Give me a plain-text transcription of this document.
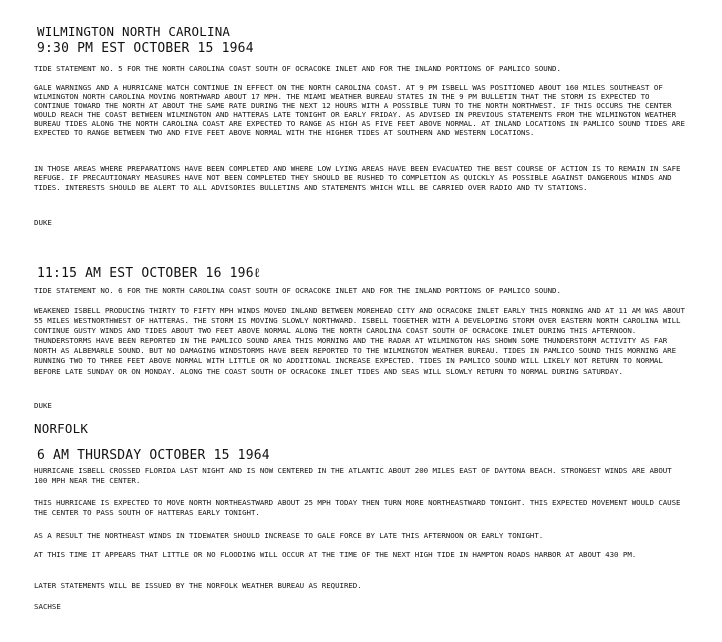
WILMINGTON NORTH CAROLINA
9:30 PM EST OCTOBER 15 1964
TIDE STATEMENT NO. 5 FOR THE NORTH CAROLINA COAST SOUTH OF OCRACOKE INLET AND FOR THE INLAND PORTIONS OF PAMLICO SOUND.
GALE WARNINGS AND A HURRICANE WATCH CONTINUE IN EFFECT ON THE NORTH CAROLINA COAST. AT 9 PM ISBELL WAS POSITIONED ABOUT 160 MILES SOUTHEAST OF WILMINGTON NORTH CAROLINA MOVING NORTHWARD ABOUT 17 MPH. THE MIAMI WEATHER BUREAU STATES IN THE 9 PM BULLETIN THAT THE STORM IS EXPECTED TO CONTINUE TOWARD THE NORTH AT ABOUT THE SAME RATE DURING THE NEXT 12 HOURS WITH A POSSIBLE TURN TO THE NORTH NORTHWEST. IF THIS OCCURS THE CENTER WOULD REACH THE COAST BETWEEN WILMINGTON AND HATTERAS LATE TONIGHT OR EARLY FRIDAY. AS ADVISED IN PREVIOUS STATEMENTS FROM THE WILMINGTON WEATHER BUREAU TIDES ALONG THE NORTH CAROLINA COAST ARE EXPECTED TO RANGE AS HIGH AS FIVE FEET ABOVE NORMAL. AT INLAND LOCATIONS IN PAMLICO SOUND TIDES ARE EXPECTED TO RANGE BETWEEN TWO AND FIVE FEET ABOVE NORMAL WITH THE HIGHER TIDES AT SOUTHERN AND WESTERN LOCATIONS.
IN THOSE AREAS WHERE PREPARATIONS HAVE BEEN COMPLETED AND WHERE LOW LYING AREAS HAVE BEEN EVACUATED THE BEST COURSE OF ACTION IS TO REMAIN IN SAFE REFUGE. IF PRECAUTIONARY MEASURES HAVE NOT BEEN COMPLETED THEY SHOULD BE RUSHED TO COMPLETION AS QUICKLY AS POSSIBLE AGAINST DANGEROUS WINDS AND TIDES. INTERESTS SHOULD BE ALERT TO ALL ADVISORIES BULLETINS AND STATEMENTS WHICH WILL BE CARRIED OVER RADIO AND TV STATIONS.
DUKE
11:15 AM EST OCTOBER 16 196ℓ
TIDE STATEMENT NO. 6 FOR THE NORTH CAROLINA COAST SOUTH OF OCRACOKE INLET AND FOR THE INLAND PORTIONS OF PAMLICO SOUND.
WEAKENED ISBELL PRODUCING THIRTY TO FIFTY MPH WINDS MOVED INLAND BETWEEN MOREHEAD CITY AND OCRACOKE INLET EARLY THIS MORNING AND AT 11 AM WAS ABOUT 55 MILES WESTNORTHWEST OF HATTERAS. THE STORM IS MOVING SLOWLY NORTHWARD. ISBELL TOGETHER WITH A DEVELOPING STORM OVER EASTERN NORTH CAROLINA WILL CONTINUE GUSTY WINDS AND TIDES ABOUT TWO FEET ABOVE NORMAL ALONG THE NORTH CAROLINA COAST SOUTH OF OCRACOKE INLET DURING THIS AFTERNOON. THUNDERSTORMS HAVE BEEN REPORTED IN THE PAMLICO SOUND AREA THIS MORNING AND THE RADAR AT WILMINGTON HAS SHOWN SOME THUNDERSTORM ACTIVITY AS FAR NORTH AS ALBEMARLE SOUND. BUT NO DAMAGING WINDSTORMS HAVE BEEN REPORTED TO THE WILMINGTON WEATHER BUREAU. TIDES IN PAMLICO SOUND THIS MORNING ARE RUNNING TWO TO THREE FEET ABOVE NORMAL WITH LITTLE OR NO ADDITIONAL INCREASE EXPECTED. TIDES IN PAMLICO SOUND WILL LIKELY NOT RETURN TO NORMAL BEFORE LATE SUNDAY OR ON MONDAY. ALONG THE COAST SOUTH OF OCRACOKE INLET TIDES AND SEAS WILL SLOWLY RETURN TO NORMAL DURING SATURDAY.
DUKE
NORFOLK
6 AM THURSDAY OCTOBER 15 1964
HURRICANE ISBELL CROSSED FLORIDA LAST NIGHT AND IS NOW CENTERED IN THE ATLANTIC ABOUT 200 MILES EAST OF DAYTONA BEACH. STRONGEST WINDS ARE ABOUT 100 MPH NEAR THE CENTER.
THIS HURRICANE IS EXPECTED TO MOVE NORTH NORTHEASTWARD ABOUT 25 MPH TODAY THEN TURN MORE NORTHEASTWARD TONIGHT. THIS EXPECTED MOVEMENT WOULD CAUSE THE CENTER TO PASS SOUTH OF HATTERAS EARLY TONIGHT.
AS A RESULT THE NORTHEAST WINDS IN TIDEWATER SHOULD INCREASE TO GALE FORCE BY LATE THIS AFTERNOON OR EARLY TONIGHT.
AT THIS TIME IT APPEARS THAT LITTLE OR NO FLOODING WILL OCCUR AT THE TIME OF THE NEXT HIGH TIDE IN HAMPTON ROADS HARBOR AT ABOUT 430 PM.
LATER STATEMENTS WILL BE ISSUED BY THE NORFOLK WEATHER BUREAU AS REQUIRED.
SACHSE
